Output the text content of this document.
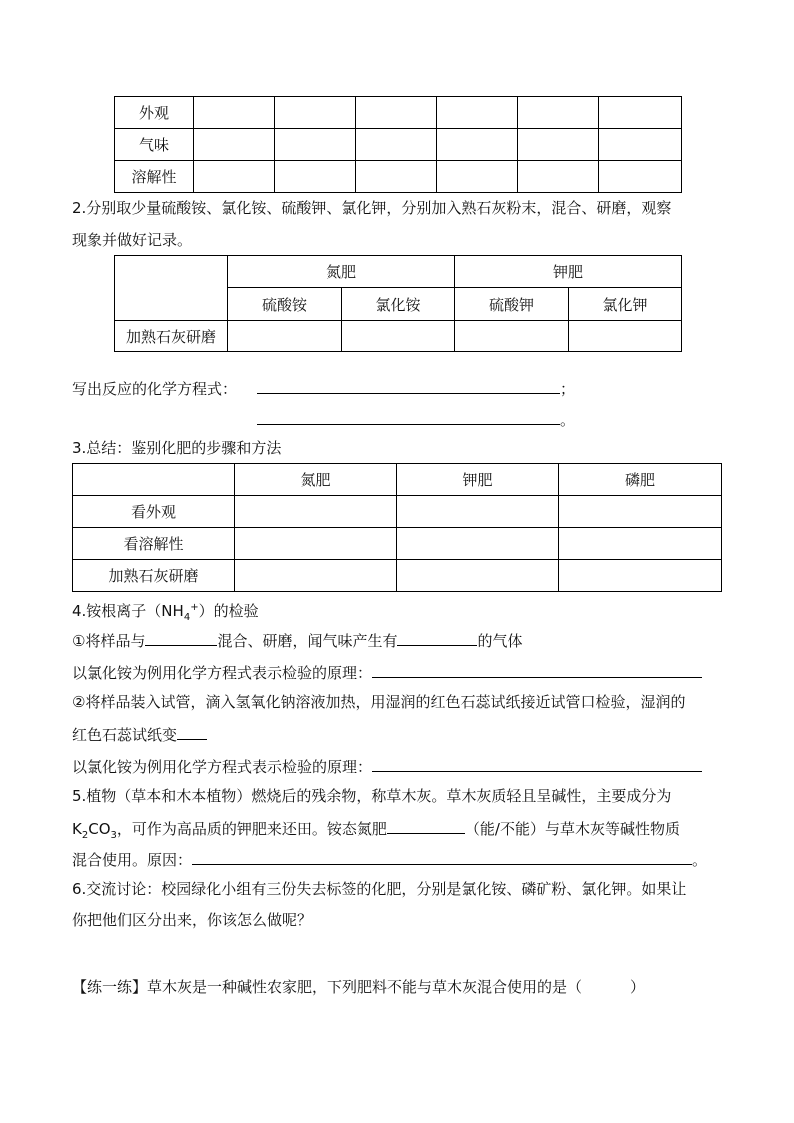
外观						
气味						
溶解性						
2.分别取少量硫酸铵、氯化铵、硫酸钾、氯化钾，分别加入熟石灰粉末，混合、研磨，观察
现象并做好记录。
	氮肥		钾肥	
	硫酸铵	氯化铵	硫酸钾	氯化钾
加熟石灰研磨				
写出反应的化学方程式：	；
。
3.总结：鉴别化肥的步骤和方法
	氮肥	钾肥	磷肥
看外观			
看溶解性			
加熟石灰研磨			
4.铵根离子$(NH_4^+)$的检验
①将样品与	混合、研磨，闻气味产生有	的气体
以氯化铵为例用化学方程式表示检验的原理：
②将样品装入试管，滴入氢氧化钠溶液加热，用湿润的红色石蕊试纸接近试管口检验，湿润的
红色石蕊试纸变
以氯化铵为例用化学方程式表示检验的原理：
5.植物（草本和木本植物）燃烧后的残余物，称草木灰。草木灰质轻且呈碱性，主要成分为
$K_2CO_3$，可作为高品质的钾肥来还田。铵态氮肥	（能/不能）与草木灰等碱性物质
混合使用。原因：	。
6.交流讨论：校园绿化小组有三份失去标签的化肥，分别是氯化铵、磷矿粉、氯化钾。如果让
你把他们区分出来，你该怎么做呢？
【练一练】草木灰是一种碱性农家肥，下列肥料不能与草木灰混合使用的是（	）
